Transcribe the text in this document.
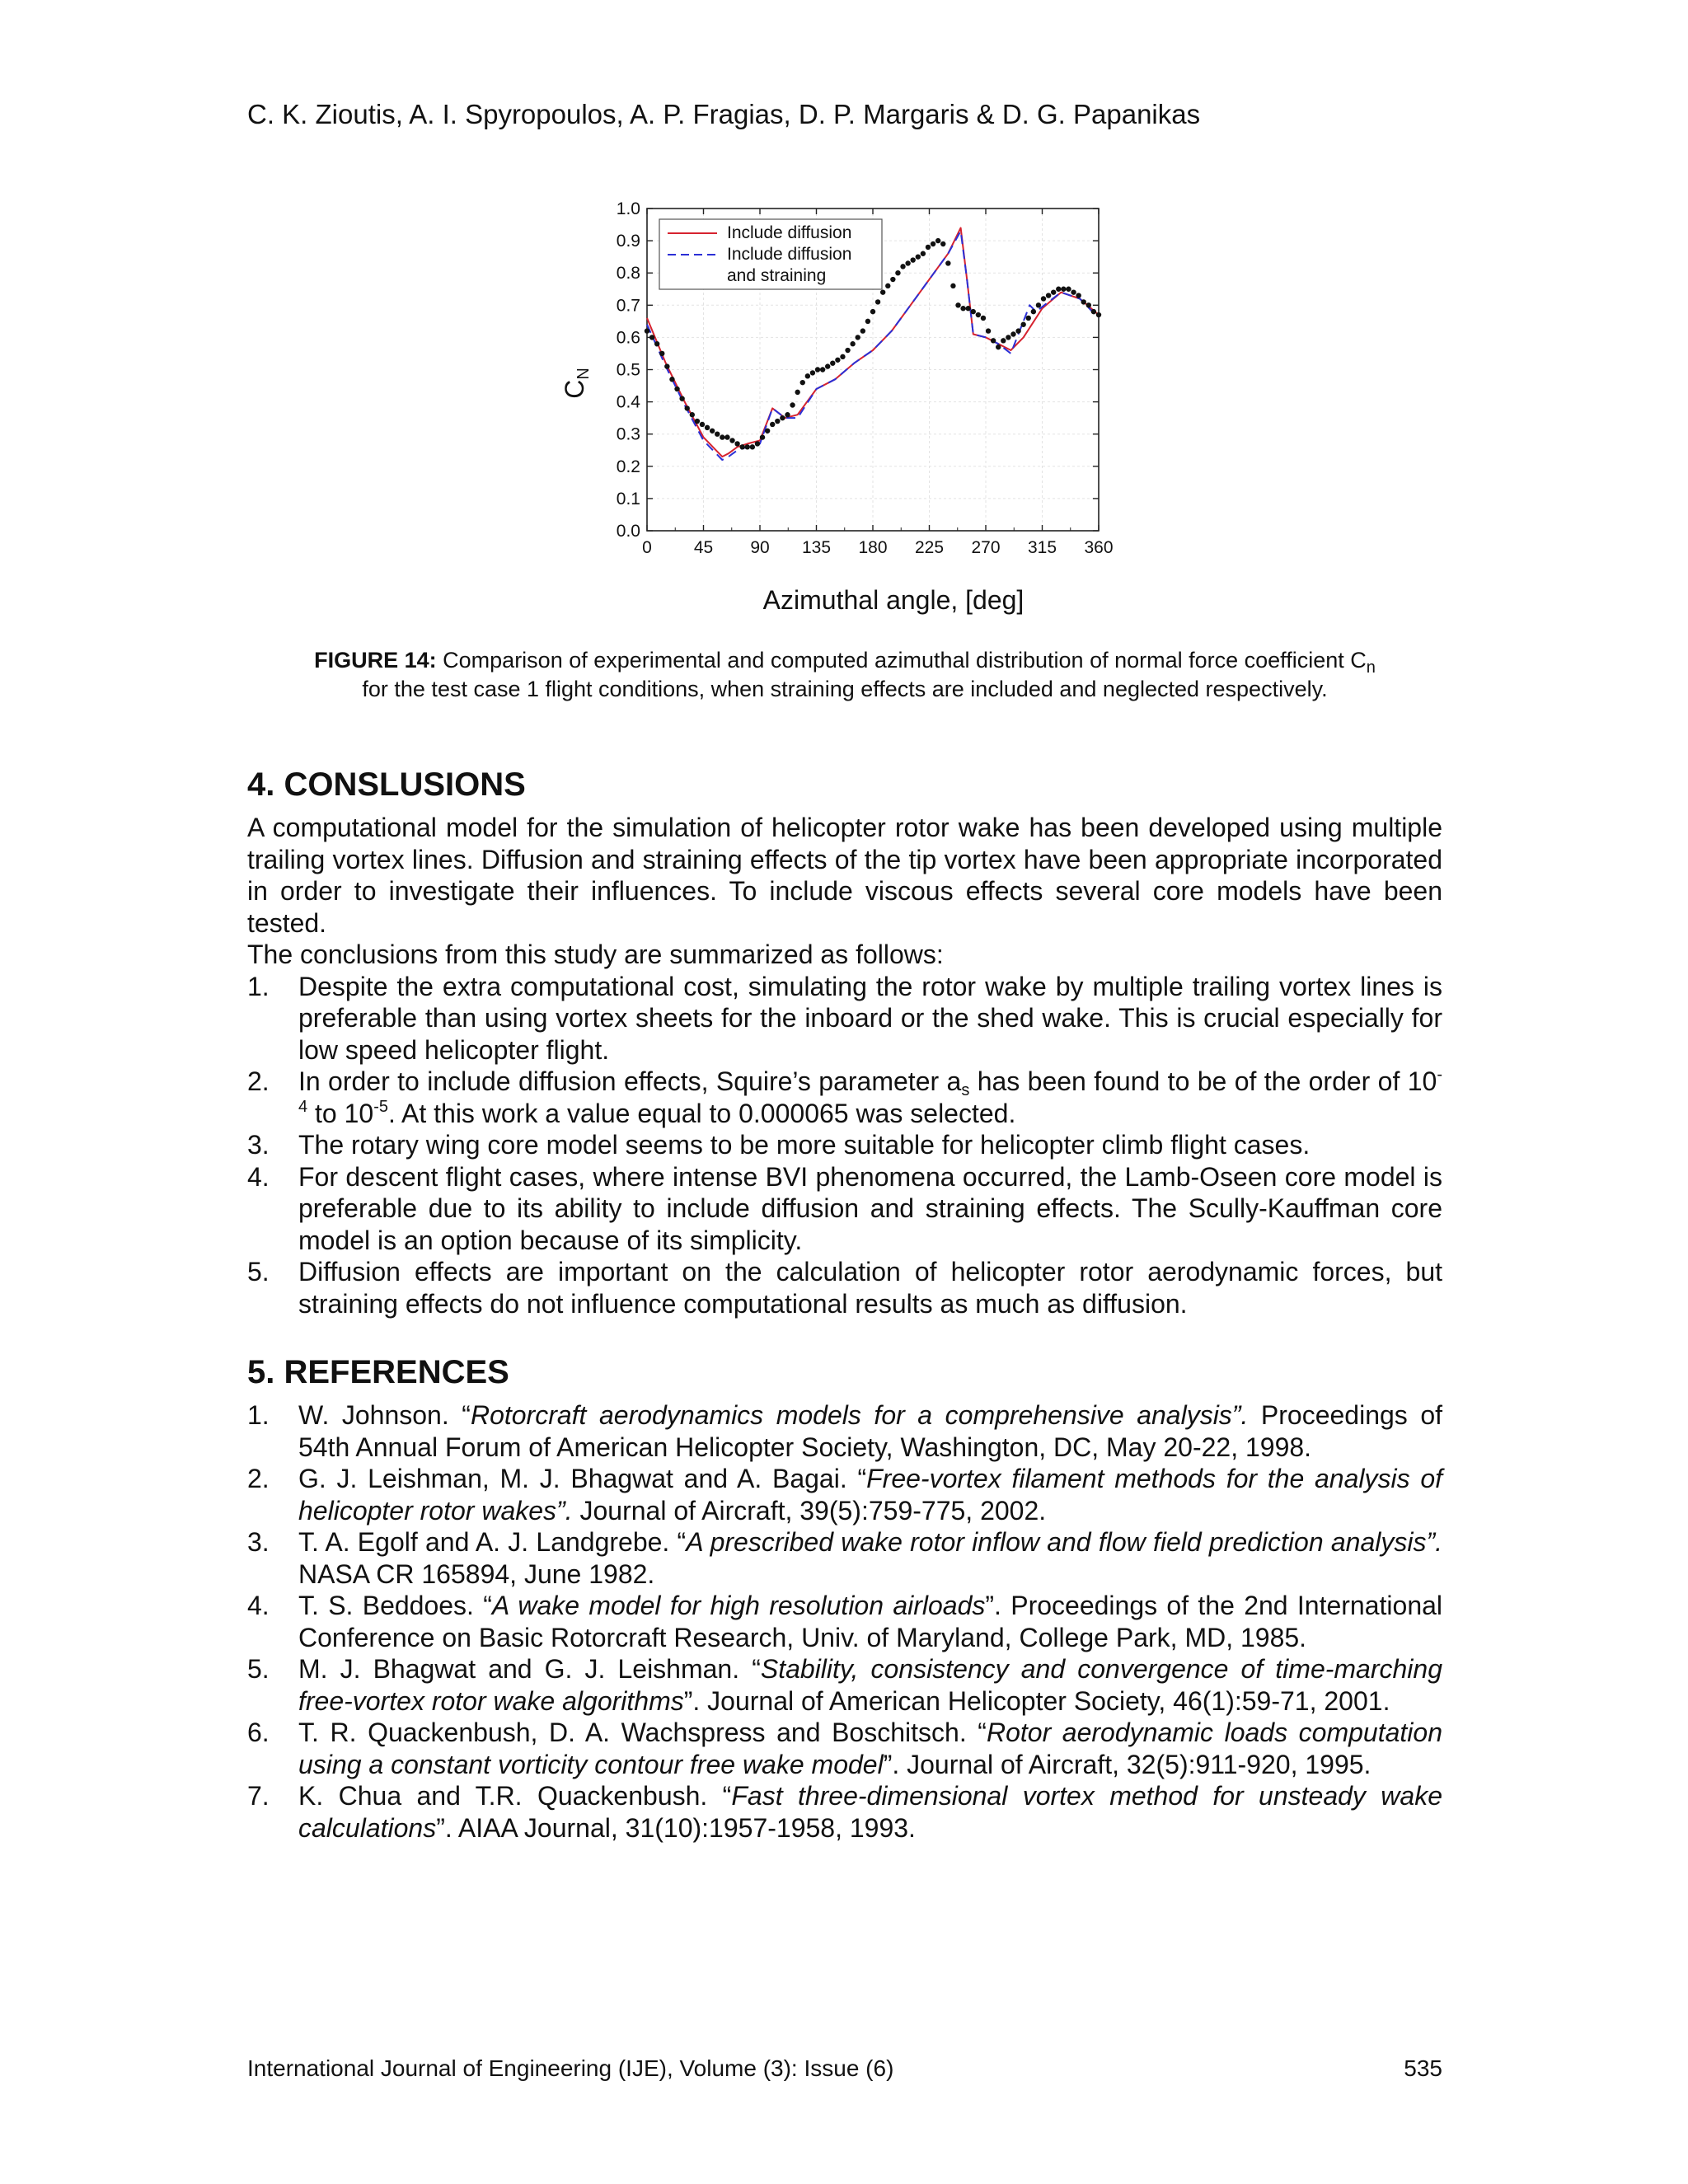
C. K. Zioutis, A. I. Spyropoulos, A. P. Fragias, D. P. Margaris & D. G. Papanikas
0 45 90 135 180 225 270 315 360
0.0
0.1
0.2
0.3
0.4
0.5
0.6
0.7
0.8
0.9
1.0
Include diffusion
Include diffusion
and straining
CN
Azimuthal angle, [deg]
FIGURE 14: Comparison of experimental and computed azimuthal distribution of normal force coefficient $C_n$
for the test case 1 flight conditions, when straining effects are included and neglected respectively.
4. CONSLUSIONS

A computational model for the simulation of helicopter rotor wake has been developed using multiple trailing vortex lines. Diffusion and straining effects of the tip vortex have been appropriate incorporated in order to investigate their influences. To include viscous effects several core models have been tested.

The conclusions from this study are summarized as follows:

1. Despite the extra computational cost, simulating the rotor wake by multiple trailing vortex lines is preferable than using vortex sheets for the inboard or the shed wake. This is crucial especially for low speed helicopter flight.
2. In order to include diffusion effects, Squire’s parameter $a_s$ has been found to be of the order of $10^{-4}$ to $10^{-5}$. At this work a value equal to 0.000065 was selected.
3. The rotary wing core model seems to be more suitable for helicopter climb flight cases.
4. For descent flight cases, where intense BVI phenomena occurred, the Lamb-Oseen core model is preferable due to its ability to include diffusion and straining effects. The Scully-Kauffman core model is an option because of its simplicity.
5. Diffusion effects are important on the calculation of helicopter rotor aerodynamic forces, but straining effects do not influence computational results as much as diffusion.
5. REFERENCES
1. W. Johnson. “Rotorcraft aerodynamics models for a comprehensive analysis”. Proceedings of 54th Annual Forum of American Helicopter Society, Washington, DC, May 20-22, 1998.
2. G. J. Leishman, M. J. Bhagwat and A. Bagai. “Free-vortex filament methods for the analysis of helicopter rotor wakes”. Journal of Aircraft, 39(5):759-775, 2002.
3. T. A. Egolf and A. J. Landgrebe. “A prescribed wake rotor inflow and flow field prediction analysis”. NASA CR 165894, June 1982.
4. T. S. Beddoes. “A wake model for high resolution airloads”. Proceedings of the 2nd International Conference on Basic Rotorcraft Research, Univ. of Maryland, College Park, MD, 1985.
5. M. J. Bhagwat and G. J. Leishman. “Stability, consistency and convergence of time-marching free-vortex rotor wake algorithms”. Journal of American Helicopter Society, 46(1):59-71, 2001.
6. T. R. Quackenbush, D. A. Wachspress and Boschitsch. “Rotor aerodynamic loads computation using a constant vorticity contour free wake model”. Journal of Aircraft, 32(5):911-920, 1995.
7. K. Chua and T.R. Quackenbush. “Fast three-dimensional vortex method for unsteady wake calculations”. AIAA Journal, 31(10):1957-1958, 1993.
International Journal of Engineering (IJE), Volume (3): Issue (6)	535
